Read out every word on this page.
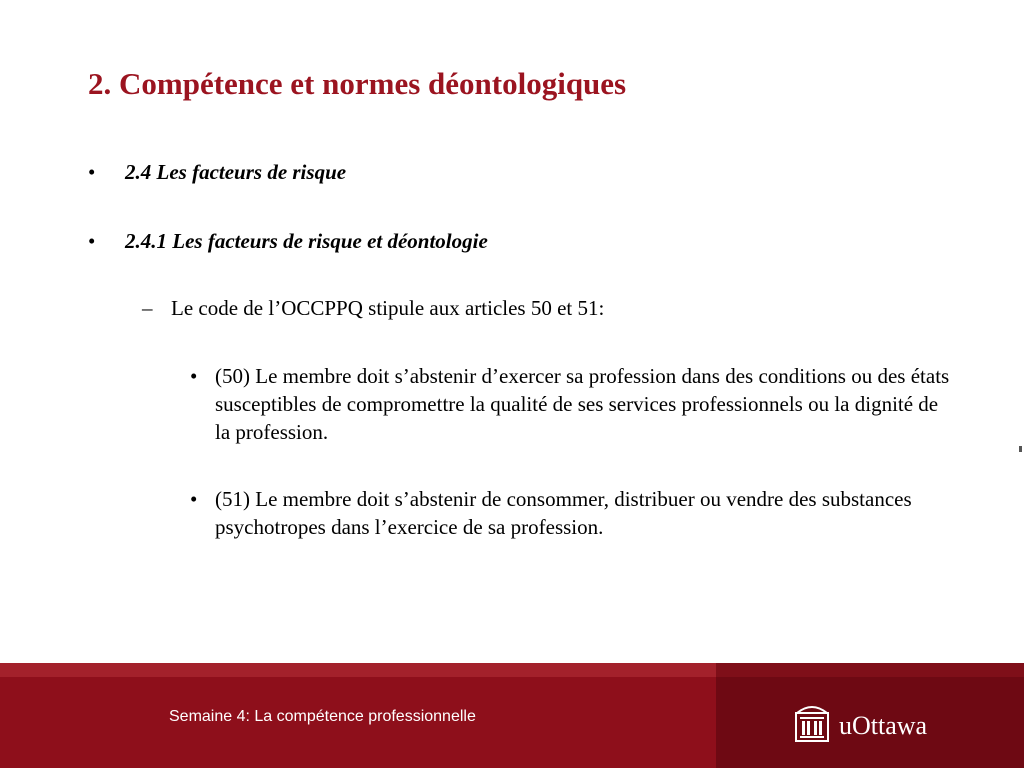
2. Compétence et normes déontologiques
• 2.4 Les facteurs de risque
• 2.4.1 Les facteurs de risque et déontologie
– Le code de l’OCCPPQ stipule aux articles 50 et 51:
• (50) Le membre doit s’abstenir d’exercer sa profession dans des conditions ou des états susceptibles de compromettre la qualité de ses services professionnels ou la dignité de la profession.
• (51) Le membre doit s’abstenir de consommer, distribuer ou vendre des substances psychotropes dans l’exercice de sa profession.
Semaine 4: La compétence professionnelle	uOttawa
